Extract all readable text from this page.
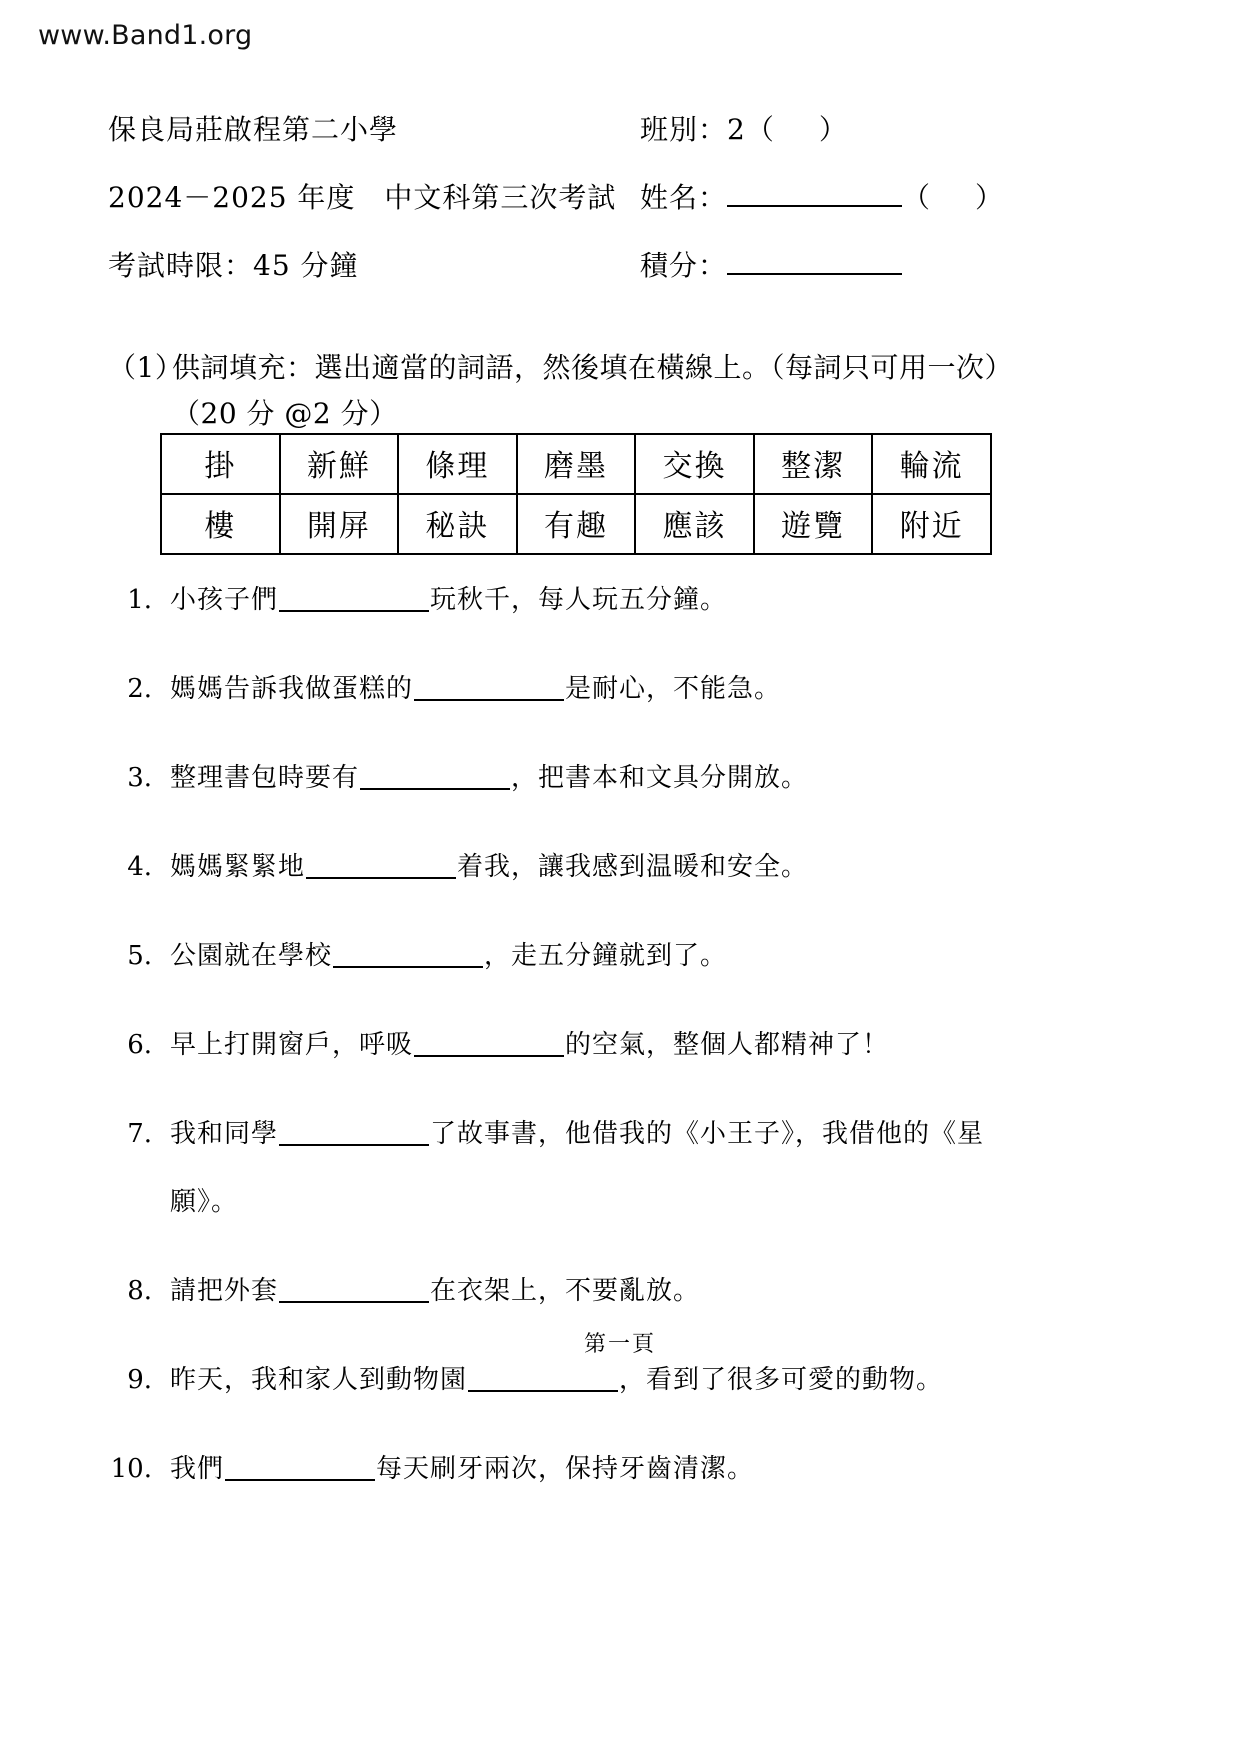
www.Band1.org
保良局莊啟程第二小學	班別：2（ ）
2024－2025 年度　中文科第三次考試 姓名：	（ ）
考試時限：45 分鐘	積分：
（1）供詞填充：選出適當的詞語，然後填在橫線上。（每詞只可用一次）
（20 分 @2 分）
掛	新鮮	條理	磨墨	交換	整潔	輪流
樓	開屏	秘訣	有趣	應該	遊覽	附近
1. 小孩子們	玩秋千，每人玩五分鐘。
2. 媽媽告訴我做蛋糕的	是耐心，不能急。
3. 整理書包時要有	，把書本和文具分開放。
4. 媽媽緊緊地	着我，讓我感到温暖和安全。
5. 公園就在學校	，走五分鐘就到了。
6. 早上打開窗戶，呼吸	的空氣，整個人都精神了！
7. 我和同學	了故事書，他借我的《小王子》，我借他的《星
願》。
8. 請把外套	在衣架上，不要亂放。
9. 昨天，我和家人到動物園	，看到了很多可愛的動物。
10. 我們	每天刷牙兩次，保持牙齒清潔。
第一頁
